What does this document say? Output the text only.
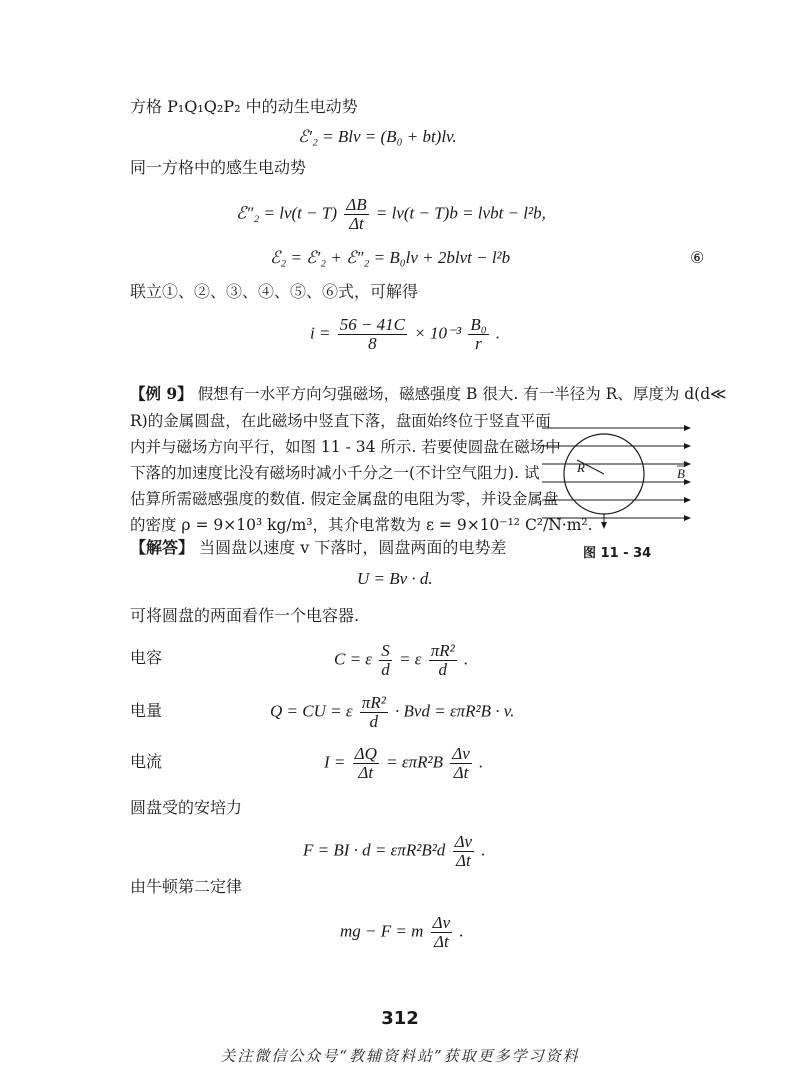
方格 P₁Q₁Q₂P₂ 中的动生电动势
ℰ′₂ = Blv = (B₀ + bt)lv.
同一方格中的感生电动势
ℰ″₂ = $lv(t - T) \frac{\Delta B}{\Delta t} = lv(t - T)b$ = lvbt − l²b,
ℰ₂ = ℰ′₂ + ℰ″₂ = B₀lv + 2blvt − l²b	⑥
联立①、②、③、④、⑤、⑥式，可解得
$i = \frac{56 - 41C}{8} \times 10^{-3} \frac{\text{B₀}}{r}$ .
【例 9】 假想有一水平方向匀强磁场，磁感强度 B 很大. 有一半径为 R、厚度为 d(d≪
R)的金属圆盘，在此磁场中竖直下落，盘面始终位于竖直平面
内并与磁场方向平行，如图 11 - 34 所示. 若要使圆盘在磁场中
下落的加速度比没有磁场时减小千分之一(不计空气阻力). 试
估算所需磁感强度的数值. 假定金属盘的电阻为零，并设金属盘
的密度 ρ = 9×10³ kg/m³，其介电常数为 ε = 9×10⁻¹² C²/N·m².
R	B
图 11 - 34
【解答】 当圆盘以速度 v 下落时，圆盘两面的电势差
U = Bv · d.
可将圆盘的两面看作一个电容器.
电容	C = ε $\frac{S}{d} = \varepsilon \frac{\text{πR²}}{d}$ .
电量	Q = CU = ε $\frac{\text{πR²}}{d}$ · Bvd = επR²B · v.
电流	$I = \frac{\Delta Q}{\Delta t} = \varepsilon\pi R^2B \frac{\Delta v}{\Delta t}$ .
圆盘受的安培力
F = BI · $d = \varepsilon\pi R^2B^2d \frac{\Delta v}{\Delta t}$ .
由牛顿第二定律
mg − F = m $\frac{\Delta v}{\Delta t}$ .
312
关注微信公众号“教辅资料站”获取更多学习资料
